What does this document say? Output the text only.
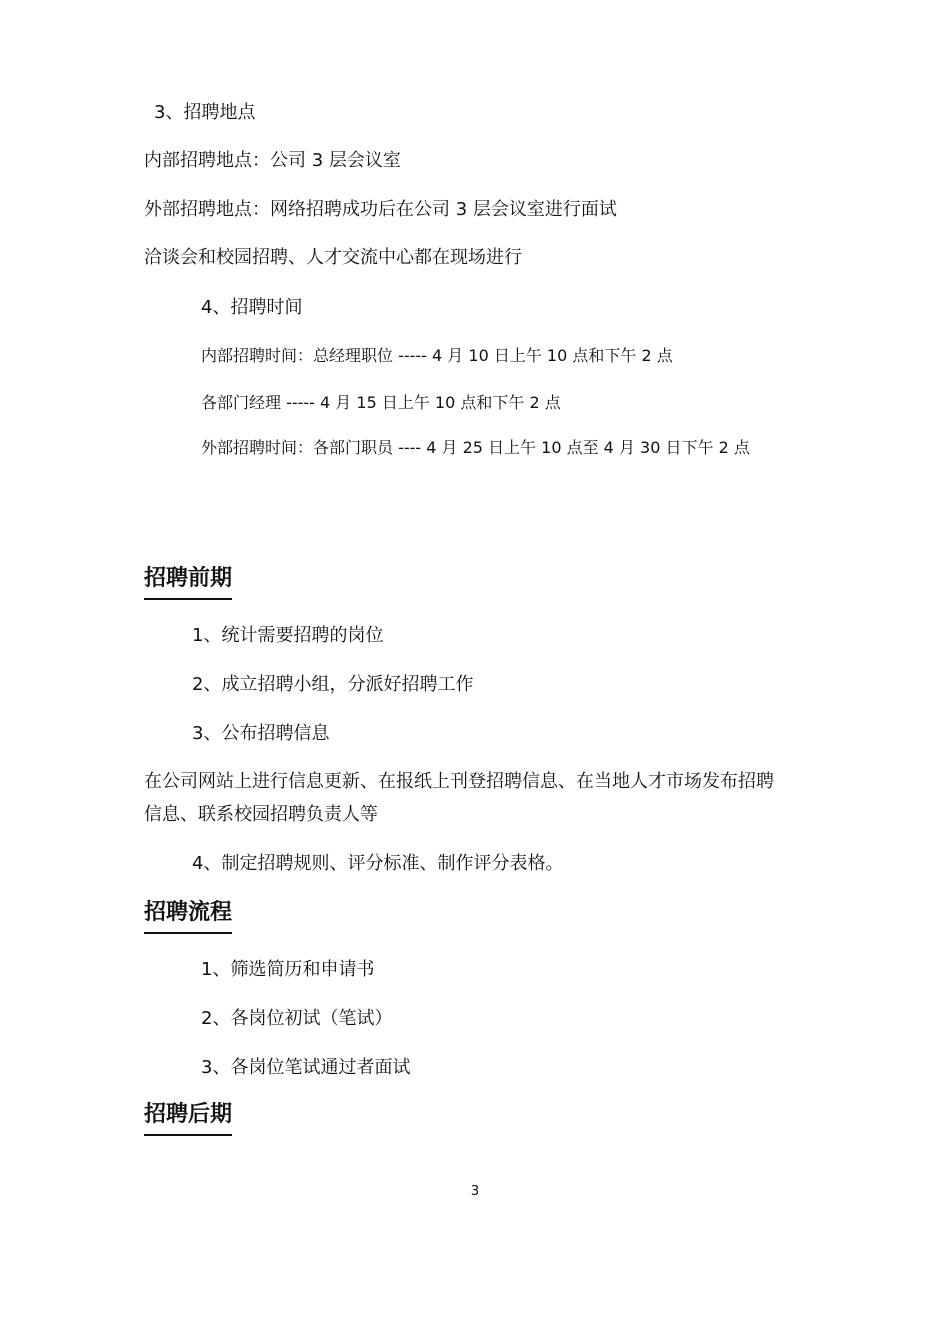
3、招聘地点
内部招聘地点：公司 3 层会议室
外部招聘地点：网络招聘成功后在公司 3 层会议室进行面试
洽谈会和校园招聘、人才交流中心都在现场进行
4、招聘时间
内部招聘时间：总经理职位 ----- 4 月 10 日上午 10 点和下午 2 点
各部门经理 ----- 4 月 15 日上午 10 点和下午 2 点
外部招聘时间：各部门职员 ---- 4 月 25 日上午 10 点至 4 月 30 日下午 2 点
招聘前期
1、统计需要招聘的岗位
2、成立招聘小组，分派好招聘工作
3、公布招聘信息
在公司网站上进行信息更新、在报纸上刊登招聘信息、在当地人才市场发布招聘
信息、联系校园招聘负责人等
4、制定招聘规则、评分标准、制作评分表格。
招聘流程
1、筛选简历和申请书
2、各岗位初试（笔试）
3、各岗位笔试通过者面试
招聘后期
3
